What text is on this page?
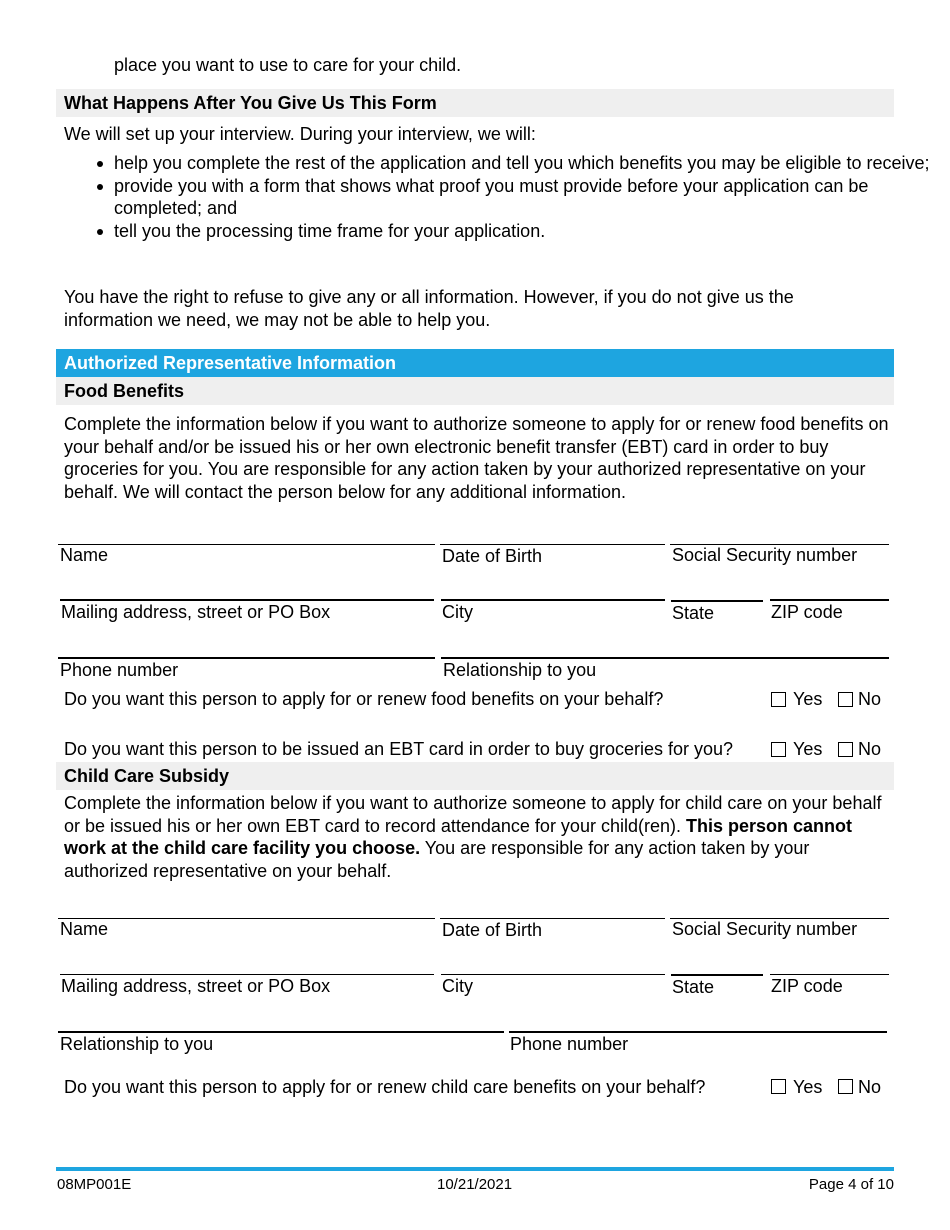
place you want to use to care for your child.
What Happens After You Give Us This Form
We will set up your interview. During your interview, we will:
help you complete the rest of the application and tell you which benefits you may be eligible to receive;
provide you with a form that shows what proof you must provide before your application can be completed; and
tell you the processing time frame for your application.
You have the right to refuse to give any or all information. However, if you do not give us the information we need, we may not be able to help you.
Authorized Representative Information
Food Benefits
Complete the information below if you want to authorize someone to apply for or renew food benefits on your behalf and/or be issued his or her own electronic benefit transfer (EBT) card in order to buy groceries for you. You are responsible for any action taken by your authorized representative on your behalf. We will contact the person below for any additional information.
Name	Date of Birth	Social Security number
Mailing address, street or PO Box	City	State	ZIP code
Phone number	Relationship to you
Do you want this person to apply for or renew food benefits on your behalf?	Yes No
Do you want this person to be issued an EBT card in order to buy groceries for you?	Yes No
Child Care Subsidy
Complete the information below if you want to authorize someone to apply for child care on your behalf or be issued his or her own EBT card to record attendance for your child(ren). This person cannot work at the child care facility you choose. You are responsible for any action taken by your authorized representative on your behalf.
Name	Date of Birth	Social Security number
Mailing address, street or PO Box	City	State	ZIP code
Relationship to you	Phone number
Do you want this person to apply for or renew child care benefits on your behalf?	Yes No
08MP001E	10/21/2021	Page 4 of 10
